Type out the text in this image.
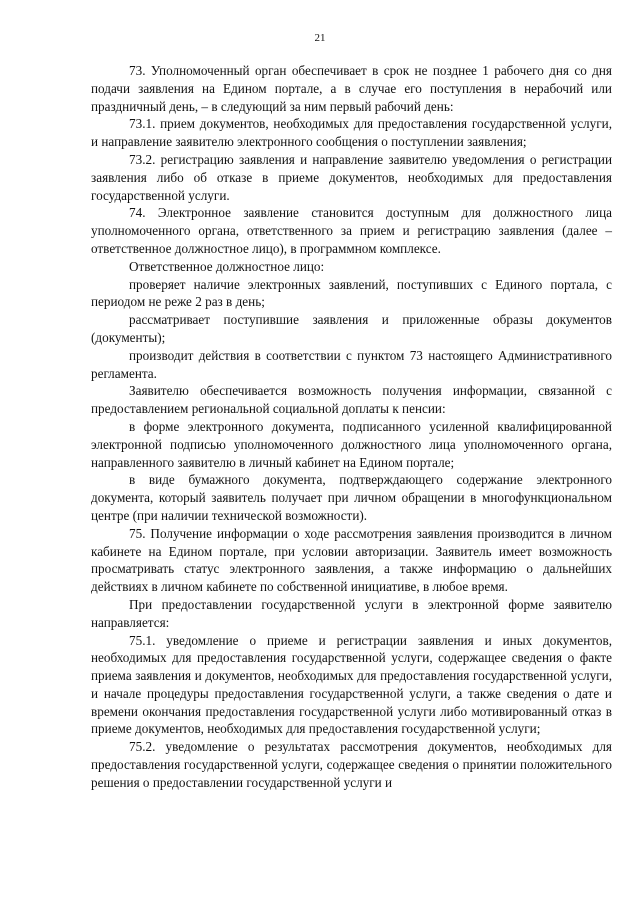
21

73. Уполномоченный орган обеспечивает в срок не позднее 1 рабочего дня со дня подачи заявления на Едином портале, а в случае его поступления в нерабочий или праздничный день, – в следующий за ним первый рабочий день:

73.1. прием документов, необходимых для предоставления государственной услуги, и направление заявителю электронного сообщения о поступлении заявления;

73.2. регистрацию заявления и направление заявителю уведомления о регистрации заявления либо об отказе в приеме документов, необходимых для предоставления государственной услуги.

74. Электронное заявление становится доступным для должностного лица уполномоченного органа, ответственного за прием и регистрацию заявления (далее – ответственное должностное лицо), в программном комплексе.

Ответственное должностное лицо:

проверяет наличие электронных заявлений, поступивших с Единого портала, с периодом не реже 2 раз в день;

рассматривает поступившие заявления и приложенные образы документов (документы);

производит действия в соответствии с пунктом 73 настоящего Административного регламента.

Заявителю обеспечивается возможность получения информации, связанной с предоставлением региональной социальной доплаты к пенсии:

в форме электронного документа, подписанного усиленной квалифицированной электронной подписью уполномоченного должностного лица уполномоченного органа, направленного заявителю в личный кабинет на Едином портале;

в виде бумажного документа, подтверждающего содержание электронного документа, который заявитель получает при личном обращении в многофункциональном центре (при наличии технической возможности).

75. Получение информации о ходе рассмотрения заявления производится в личном кабинете на Едином портале, при условии авторизации. Заявитель имеет возможность просматривать статус электронного заявления, а также информацию о дальнейших действиях в личном кабинете по собственной инициативе, в любое время.

При предоставлении государственной услуги в электронной форме заявителю направляется:

75.1. уведомление о приеме и регистрации заявления и иных документов, необходимых для предоставления государственной услуги, содержащее сведения о факте приема заявления и документов, необходимых для предоставления государственной услуги, и начале процедуры предоставления государственной услуги, а также сведения о дате и времени окончания предоставления государственной услуги либо мотивированный отказ в приеме документов, необходимых для предоставления государственной услуги;

75.2. уведомление о результатах рассмотрения документов, необходимых для предоставления государственной услуги, содержащее сведения о принятии положительного решения о предоставлении государственной услуги и
